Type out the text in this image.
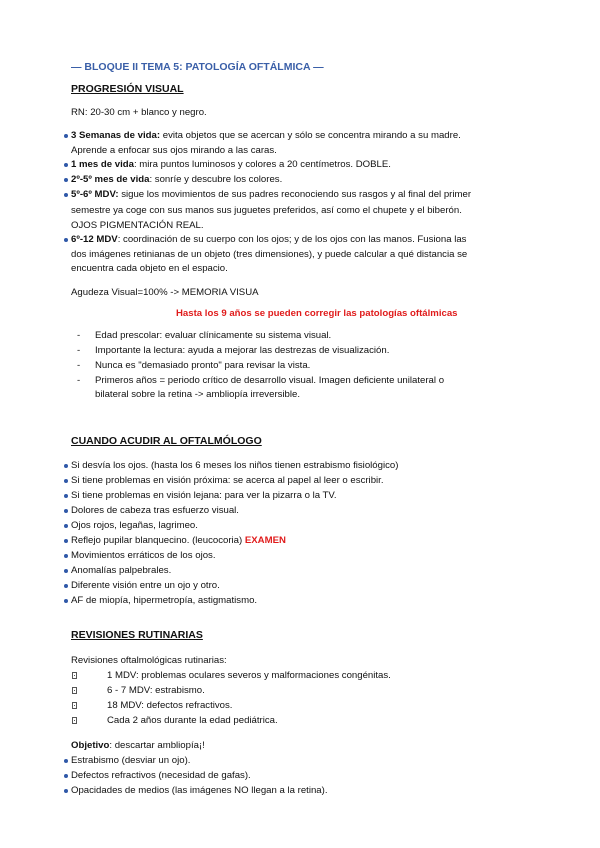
— BLOQUE II TEMA 5: PATOLOGÍA OFTÁLMICA —
PROGRESIÓN VISUAL
RN: 20-30 cm + blanco y negro.
3 Semanas de vida: evita objetos que se acercan y sólo se concentra mirando a su madre.
Aprende a enfocar sus ojos mirando a las caras.
1 mes de vida: mira puntos luminosos y colores a 20 centímetros. DOBLE.
2º-5º mes de vida: sonríe y descubre los colores.
5º-6º MDV: sigue los movimientos de sus padres reconociendo sus rasgos y al final del primer
semestre ya coge con sus manos sus juguetes preferidos, así como el chupete y el biberón.
OJOS PIGMENTACIÓN REAL.
6º-12 MDV: coordinación de su cuerpo con los ojos; y de los ojos con las manos. Fusiona las
dos imágenes retinianas de un objeto (tres dimensiones), y puede calcular a qué distancia se
encuentra cada objeto en el espacio.
Agudeza Visual=100% -> MEMORIA VISUA
Hasta los 9 años se pueden corregir las patologías oftálmicas
- Edad prescolar: evaluar clínicamente su sistema visual.
- Importante la lectura: ayuda a mejorar las destrezas de visualización.
- Nunca es "demasiado pronto" para revisar la vista.
- Primeros años = periodo crítico de desarrollo visual. Imagen deficiente unilateral o
bilateral sobre la retina -> ambliopía irreversible.
CUANDO ACUDIR AL OFTALMÓLOGO
Si desvía los ojos. (hasta los 6 meses los niños tienen estrabismo fisiológico)
Si tiene problemas en visión próxima: se acerca al papel al leer o escribir.
Si tiene problemas en visión lejana: para ver la pizarra o la TV.
Dolores de cabeza tras esfuerzo visual.
Ojos rojos, legañas, lagrimeo.
Reflejo pupilar blanquecino. (leucocoria) EXAMEN
Movimientos erráticos de los ojos.
Anomalías palpebrales.
Diferente visión entre un ojo y otro.
AF de miopía, hipermetropía, astigmatismo.
REVISIONES RUTINARIAS
Revisiones oftalmológicas rutinarias:
1 MDV: problemas oculares severos y malformaciones congénitas.
6 - 7 MDV: estrabismo.
18 MDV: defectos refractivos.
Cada 2 años durante la edad pediátrica.
Objetivo: descartar ambliopía¡!
Estrabismo (desviar un ojo).
Defectos refractivos (necesidad de gafas).
Opacidades de medios (las imágenes NO llegan a la retina).
